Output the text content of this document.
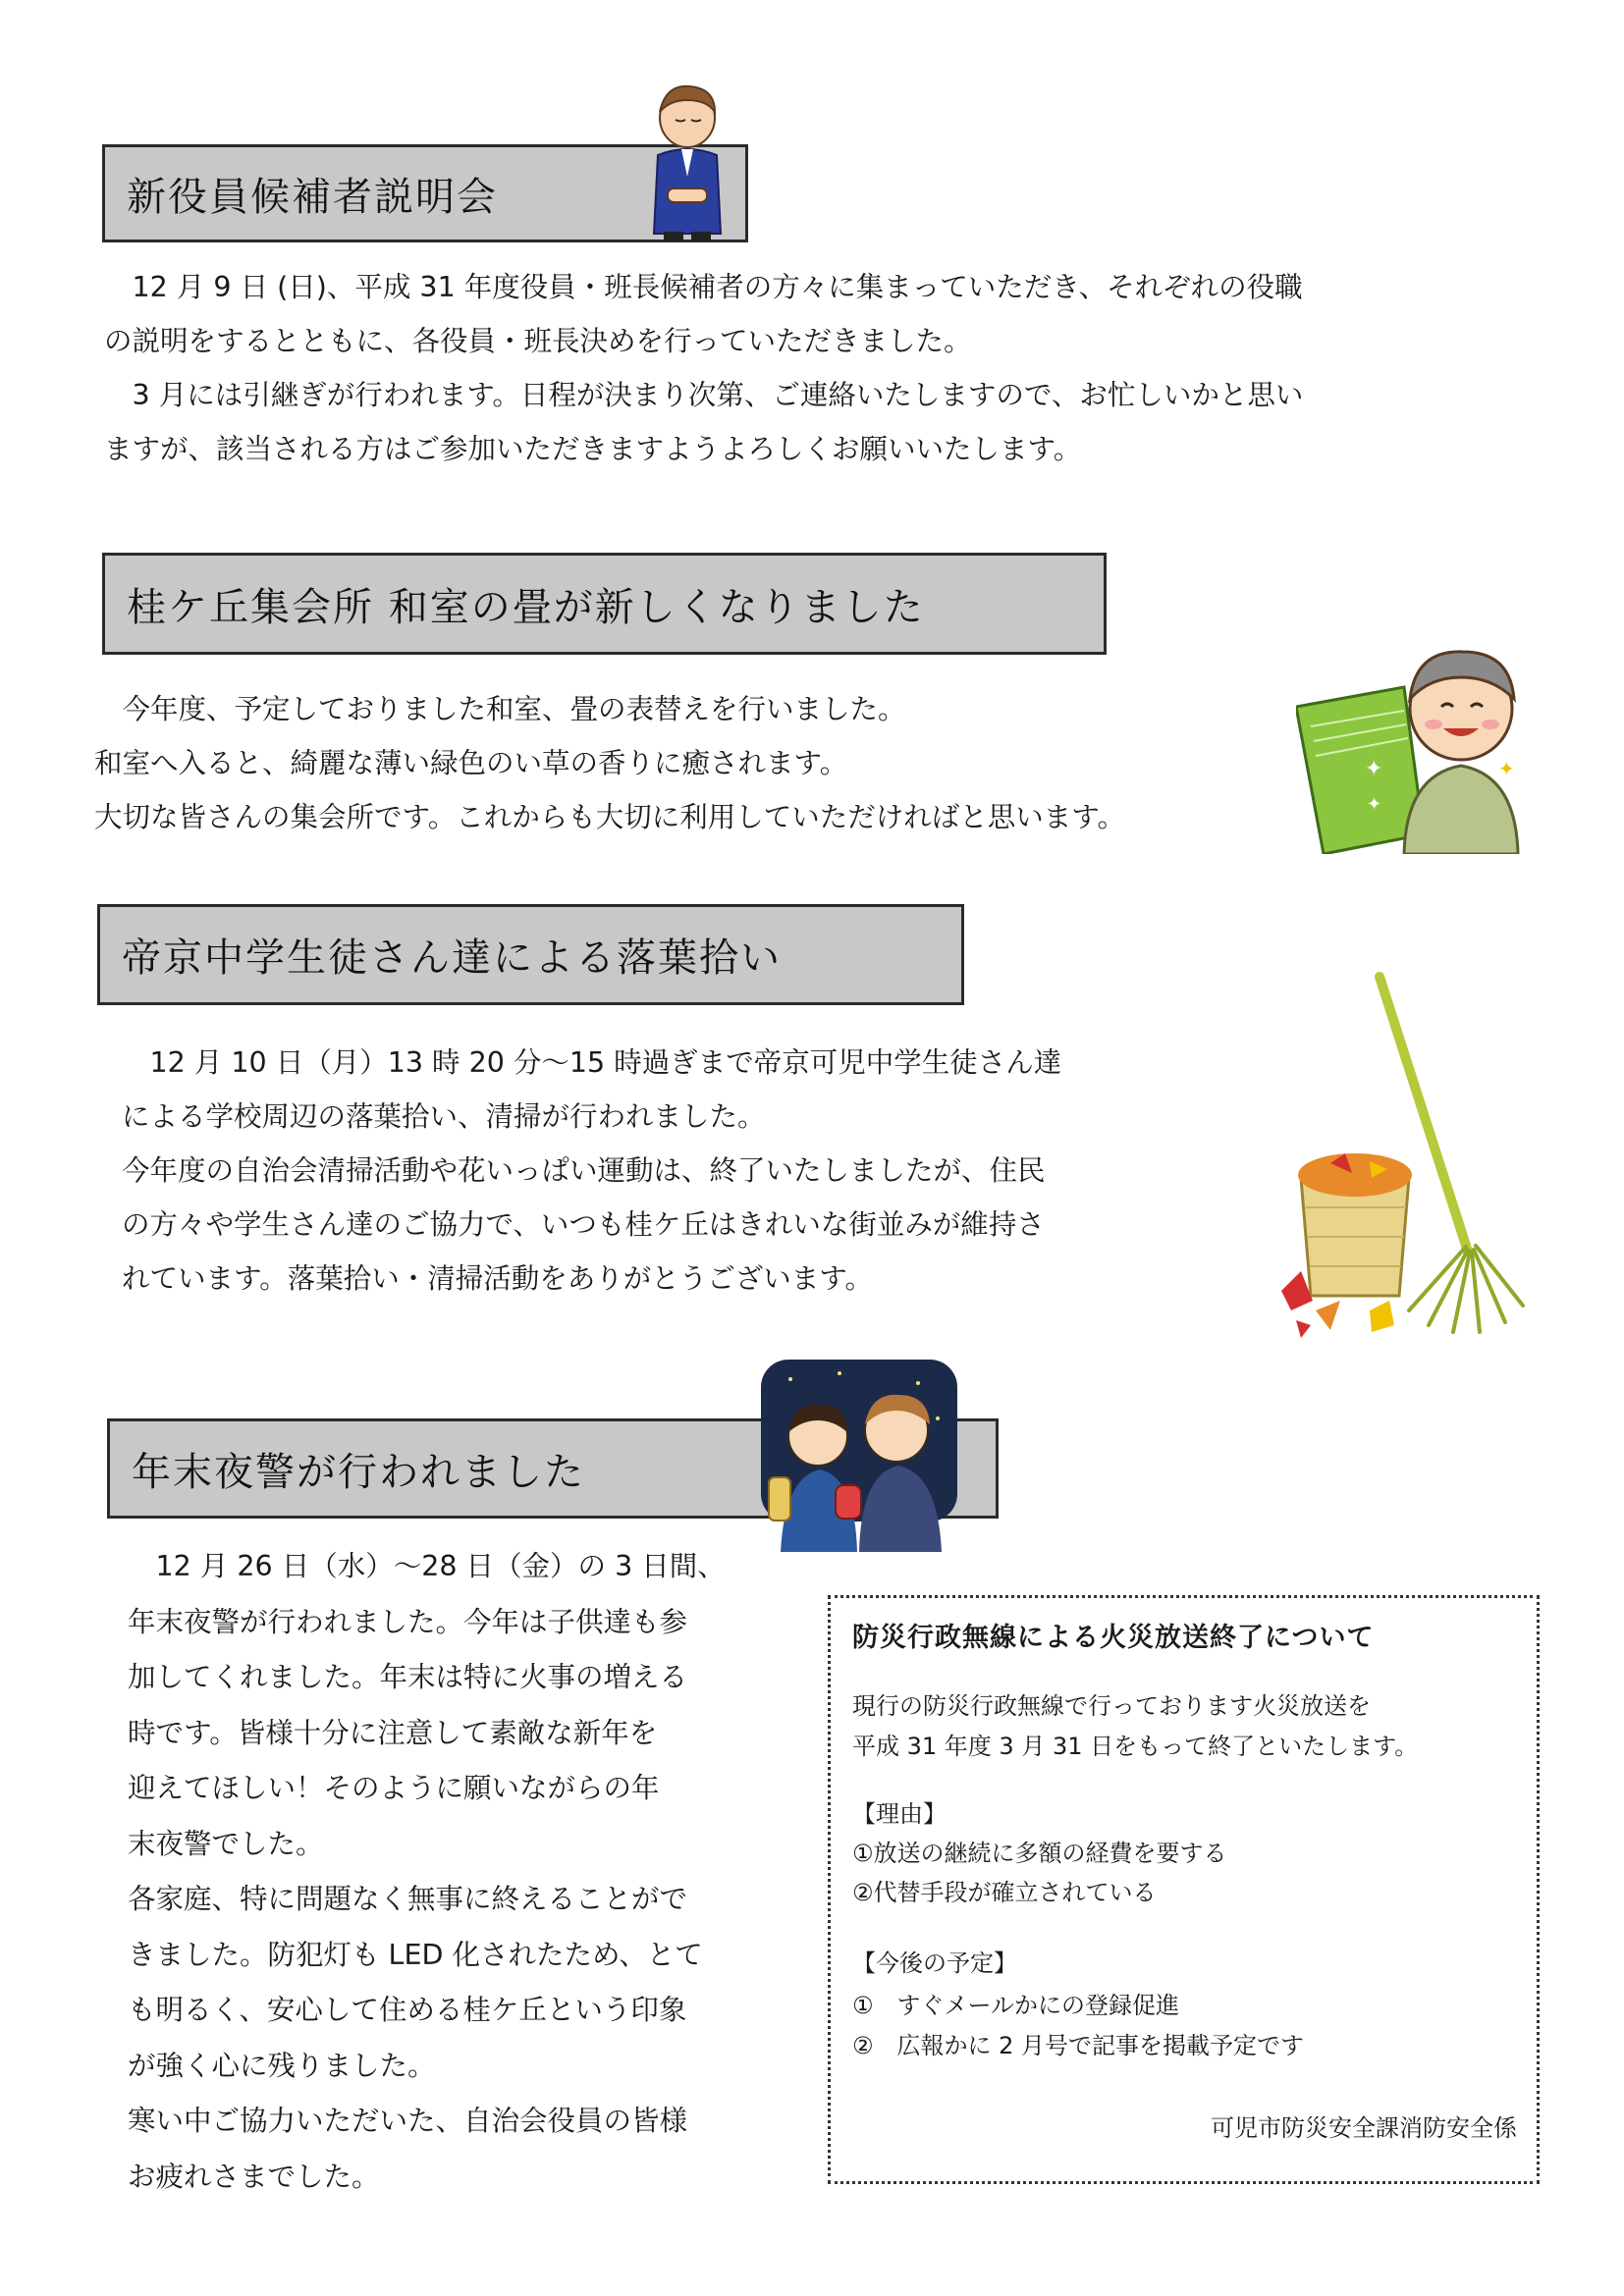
新役員候補者説明会
　12 月 9 日 (日)、平成 31 年度役員・班長候補者の方々に集まっていただき、それぞれの役職
の説明をするとともに、各役員・班長決めを行っていただきました。
　3 月には引継ぎが行われます。日程が決まり次第、ご連絡いたしますので、お忙しいかと思い
ますが、該当される方はご参加いただきますようよろしくお願いいたします。
桂ケ丘集会所 和室の畳が新しくなりました
　今年度、予定しておりました和室、畳の表替えを行いました。
和室へ入ると、綺麗な薄い緑色のい草の香りに癒されます。
大切な皆さんの集会所です。これからも大切に利用していただければと思います。
帝京中学生徒さん達による落葉拾い
　12 月 10 日（月）13 時 20 分～15 時過ぎまで帝京可児中学生徒さん達
による学校周辺の落葉拾い、清掃が行われました。
今年度の自治会清掃活動や花いっぱい運動は、終了いたしましたが、住民
の方々や学生さん達のご協力で、いつも桂ケ丘はきれいな街並みが維持さ
れています。落葉拾い・清掃活動をありがとうございます。
年末夜警が行われました
　12 月 26 日（水）～28 日（金）の 3 日間、
年末夜警が行われました。今年は子供達も参
加してくれました。年末は特に火事の増える
時です。皆様十分に注意して素敵な新年を
迎えてほしい！そのように願いながらの年
末夜警でした。
各家庭、特に問題なく無事に終えることがで
きました。防犯灯も LED 化されたため、とて
も明るく、安心して住める桂ケ丘という印象
が強く心に残りました。
寒い中ご協力いただいた、自治会役員の皆様
お疲れさまでした。
防災行政無線による火災放送終了について
現行の防災行政無線で行っております火災放送を
平成 31 年度 3 月 31 日をもって終了といたします。
【理由】
①放送の継続に多額の経費を要する
②代替手段が確立されている
【今後の予定】
①　すぐメールかにの登録促進
②　広報かに 2 月号で記事を掲載予定です
可児市防災安全課消防安全係
✦
✦
✦
